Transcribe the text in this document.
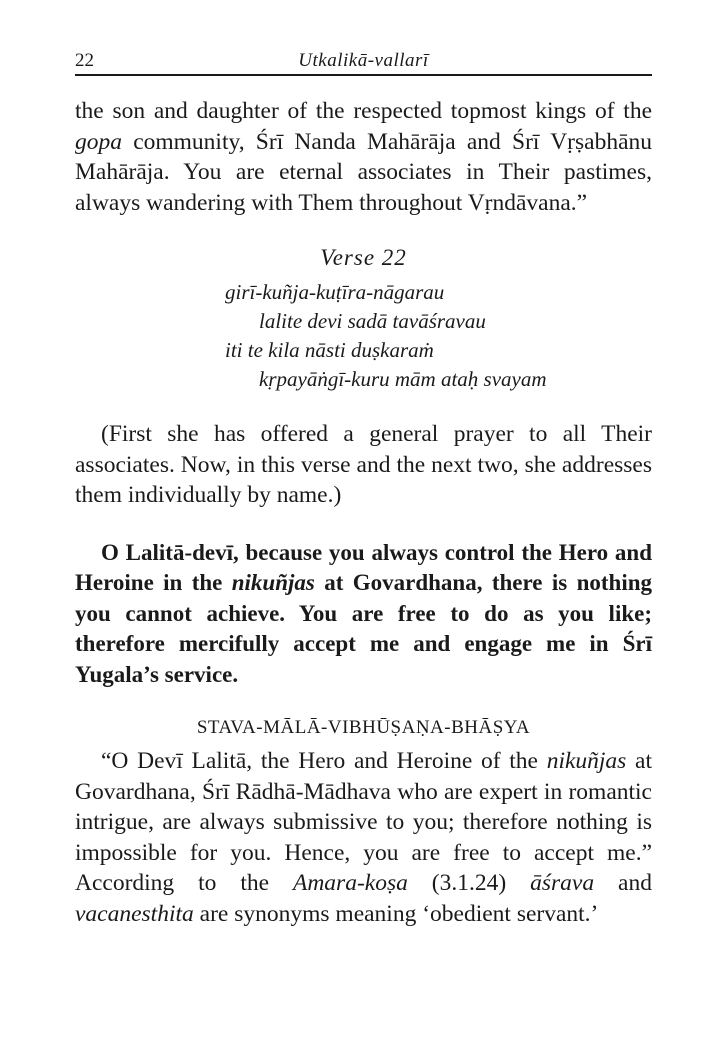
22	Utkalikā-vallarī

the son and daughter of the respected topmost kings of the gopa community, Śrī Nanda Mahārāja and Śrī Vṛṣabhānu Mahārāja. You are eternal associates in Their pastimes, always wandering with Them throughout Vṛndāvana.”

Verse 22
girī-kuñja-kuṭīra-nāgarau
lalite devi sadā tavāśravau
iti te kila nāsti duṣkaraṁ
kṛpayāṅgī-kuru mām ataḥ svayam

(First she has offered a general prayer to all Their associates. Now, in this verse and the next two, she addresses them individually by name.)

O Lalitā-devī, because you always control the Hero and Heroine in the nikuñjas at Govardhana, there is nothing you cannot achieve. You are free to do as you like; therefore mercifully accept me and engage me in Śrī Yugala’s service.

STAVA-MĀLĀ-VIBHŪṢAṆA-BHĀṢYA

“O Devī Lalitā, the Hero and Heroine of the nikuñjas at Govardhana, Śrī Rādhā-Mādhava who are expert in romantic intrigue, are always submissive to you; therefore nothing is impossible for you. Hence, you are free to accept me.” According to the Amara-koṣa (3.1.24) āśrava and vacanesthita are synonyms meaning ‘obedient servant.’
